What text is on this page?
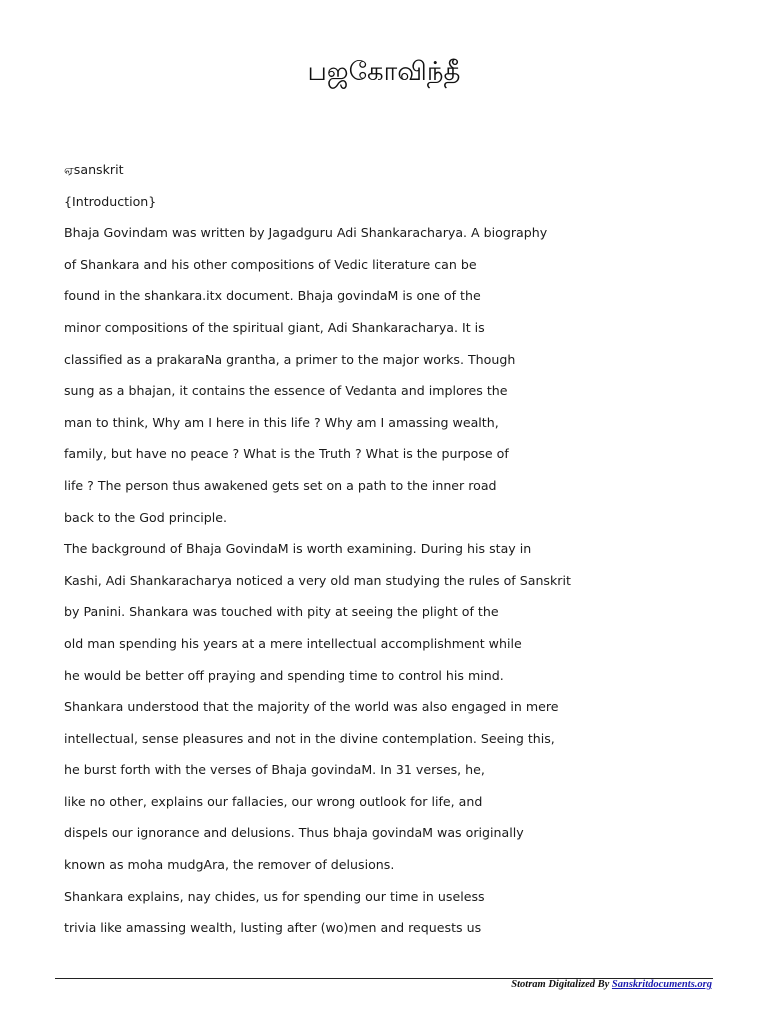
பஜகோவிந்தீ
ஏsanskrit
{Introduction}
Bhaja Govindam was written by Jagadguru Adi Shankaracharya. A biography
of Shankara and his other compositions of Vedic literature can be
found in the shankara.itx document. Bhaja govindaM is one of the
minor compositions of the spiritual giant, Adi Shankaracharya. It is
classified as a prakaraNa grantha, a primer to the major works. Though
sung as a bhajan, it contains the essence of Vedanta and implores the
man to think, Why am I here in this life ? Why am I amassing wealth,
family, but have no peace ? What is the Truth ? What is the purpose of
life ? The person thus awakened gets set on a path to the inner road
back to the God principle.
The background of Bhaja GovindaM is worth examining. During his stay in
Kashi, Adi Shankaracharya noticed a very old man studying the rules of Sanskrit
by Panini. Shankara was touched with pity at seeing the plight of the
old man spending his years at a mere intellectual accomplishment while
he would be better off praying and spending time to control his mind.
Shankara understood that the majority of the world was also engaged in mere
intellectual, sense pleasures and not in the divine contemplation. Seeing this,
he burst forth with the verses of Bhaja govindaM. In 31 verses, he,
like no other, explains our fallacies, our wrong outlook for life, and
dispels our ignorance and delusions. Thus bhaja govindaM was originally
known as moha mudgAra, the remover of delusions.
Shankara explains, nay chides, us for spending our time in useless
trivia like amassing wealth, lusting after (wo)men and requests us
Stotram Digitalized By Sanskritdocuments.org
